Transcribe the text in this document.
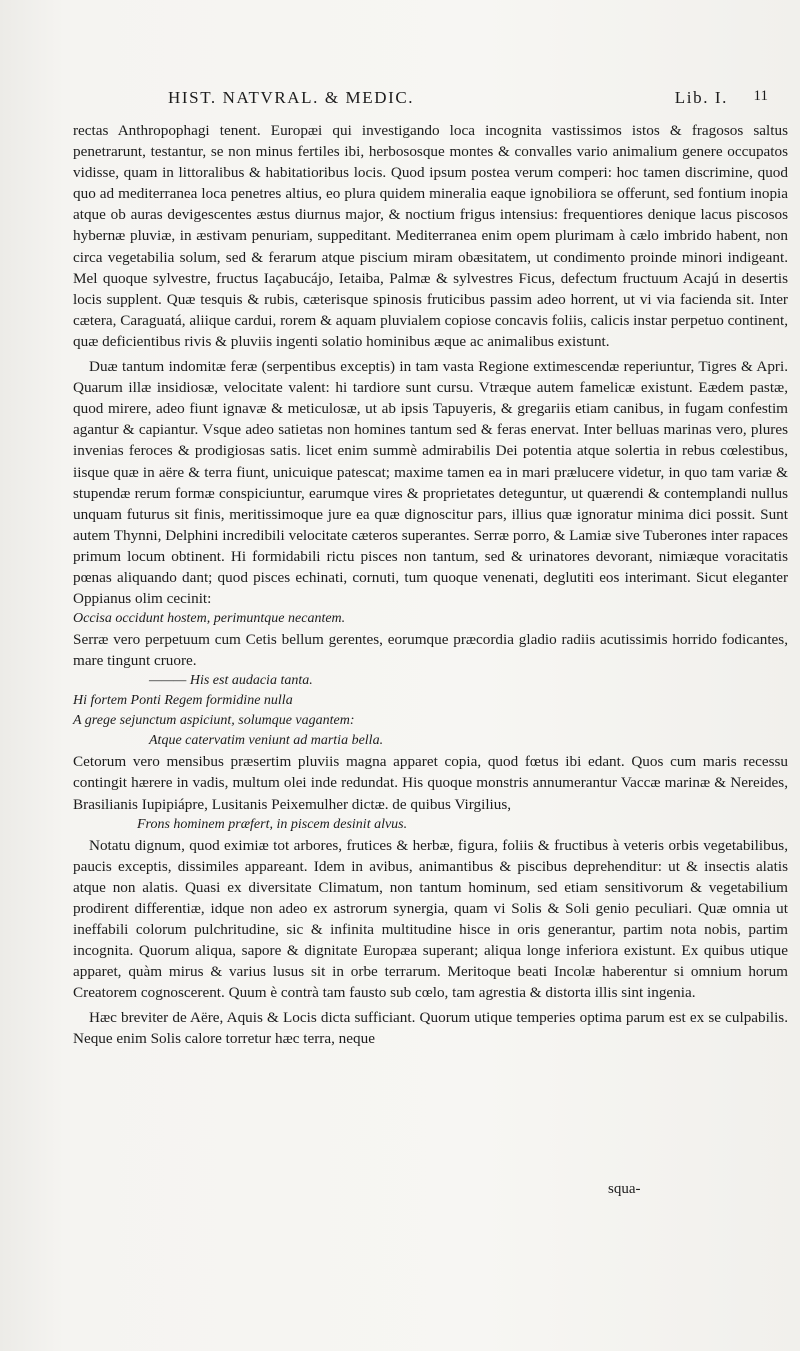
HIST. NATVRAL. & MEDIC.	Lib. I. 11

rectas Anthropophagi tenent. Europæi qui investigando loca incognita vastissimos istos & fragosos saltus penetrarunt, testantur, se non minus fertiles ibi, herbososque montes & convalles vario animalium genere occupatos vidisse, quam in littoralibus & habitatioribus locis. Quod ipsum postea verum comperi: hoc tamen discrimine, quod quo ad mediterranea loca penetres altius, eo plura quidem mineralia eaque ignobiliora se offerunt, sed fontium inopia atque ob auras devigescentes æstus diurnus major, & noctium frigus intensius: frequentiores denique lacus piscosos hybernæ pluviæ, in æstivam penuriam, suppeditant. Mediterranea enim opem plurimam à cælo imbrido habent, non circa vegetabilia solum, sed & ferarum atque piscium miram obæsitatem, ut condimento proinde minori indigeant. Mel quoque sylvestre, fructus Iaçabucájo, Ietaiba, Palmæ & sylvestres Ficus, defectum fructuum Acajú in desertis locis supplent. Quæ tesquis & rubis, cæterisque spinosis fruticibus passim adeo horrent, ut vi via facienda sit. Inter cætera, Caraguatá, aliique cardui, rorem & aquam pluvialem copiose concavis foliis, calicis instar perpetuo continent, quæ deficientibus rivis & pluviis ingenti solatio hominibus æque ac animalibus existunt.

Duæ tantum indomitæ feræ (serpentibus exceptis) in tam vasta Regione extimescendæ reperiuntur, Tigres & Apri. Quarum illæ insidiosæ, velocitate valent: hi tardiore sunt cursu. Vtræque autem famelicæ existunt. Eædem pastæ, quod mirere, adeo fiunt ignavæ & meticulosæ, ut ab ipsis Tapuyeris, & gregariis etiam canibus, in fugam confestim agantur & capiantur. Vsque adeo satietas non homines tantum sed & feras enervat. Inter belluas marinas vero, plures invenias feroces & prodigiosas satis. licet enim summè admirabilis Dei potentia atque solertia in rebus cœlestibus, iisque quæ in aëre & terra fiunt, unicuique patescat; maxime tamen ea in mari prælucere videtur, in quo tam variæ & stupendæ rerum formæ conspiciuntur, earumque vires & proprietates deteguntur, ut quærendi & contemplandi nullus unquam futurus sit finis, meritissimoque jure ea quæ dignoscitur pars, illius quæ ignoratur minima dici possit. Sunt autem Thynni, Delphini incredibili velocitate cæteros superantes. Serræ porro, & Lamiæ sive Tuberones inter rapaces primum locum obtinent. Hi formidabili rictu pisces non tantum, sed & urinatores devorant, nimiæque voracitatis pœnas aliquando dant; quod pisces echinati, cornuti, tum quoque venenati, deglutiti eos interimant. Sicut eleganter Oppianus olim cecinit:

Occisa occidunt hostem, perimuntque necantem.

Serræ vero perpetuum cum Cetis bellum gerentes, eorumque præcordia gladio radiis acutissimis horrido fodicantes, mare tingunt cruore.

——— His est audacia tanta.

Hi fortem Ponti Regem formidine nulla

A grege sejunctum aspiciunt, solumque vagantem:

Atque catervatim veniunt ad martia bella.

Cetorum vero mensibus præsertim pluviis magna apparet copia, quod fœtus ibi edant. Quos cum maris recessu contingit hærere in vadis, multum olei inde redundat. His quoque monstris annumerantur Vaccæ marinæ & Nereides, Brasilianis Iupipiápre, Lusitanis Peixemulher dictæ. de quibus Virgilius,

Frons hominem præfert, in piscem desinit alvus.

Notatu dignum, quod eximiæ tot arbores, frutices & herbæ, figura, foliis & fructibus à veteris orbis vegetabilibus, paucis exceptis, dissimiles appareant. Idem in avibus, animantibus & piscibus deprehenditur: ut & insectis alatis atque non alatis. Quasi ex diversitate Climatum, non tantum hominum, sed etiam sensitivorum & vegetabilium prodirent differentiæ, idque non adeo ex astrorum synergia, quam vi Solis & Soli genio peculiari. Quæ omnia ut ineffabili colorum pulchritudine, sic & infinita multitudine hisce in oris generantur, partim nota nobis, partim incognita. Quorum aliqua, sapore & dignitate Europæa superant; aliqua longe inferiora existunt. Ex quibus utique apparet, quàm mirus & varius lusus sit in orbe terrarum. Meritoque beati Incolæ haberentur si omnium horum Creatorem cognoscerent. Quum è contrà tam fausto sub cœlo, tam agrestia & distorta illis sint ingenia.

Hæc breviter de Aëre, Aquis & Locis dicta sufficiant. Quorum utique temperies optima parum est ex se culpabilis. Neque enim Solis calore torretur hæc terra, neque

squa-
